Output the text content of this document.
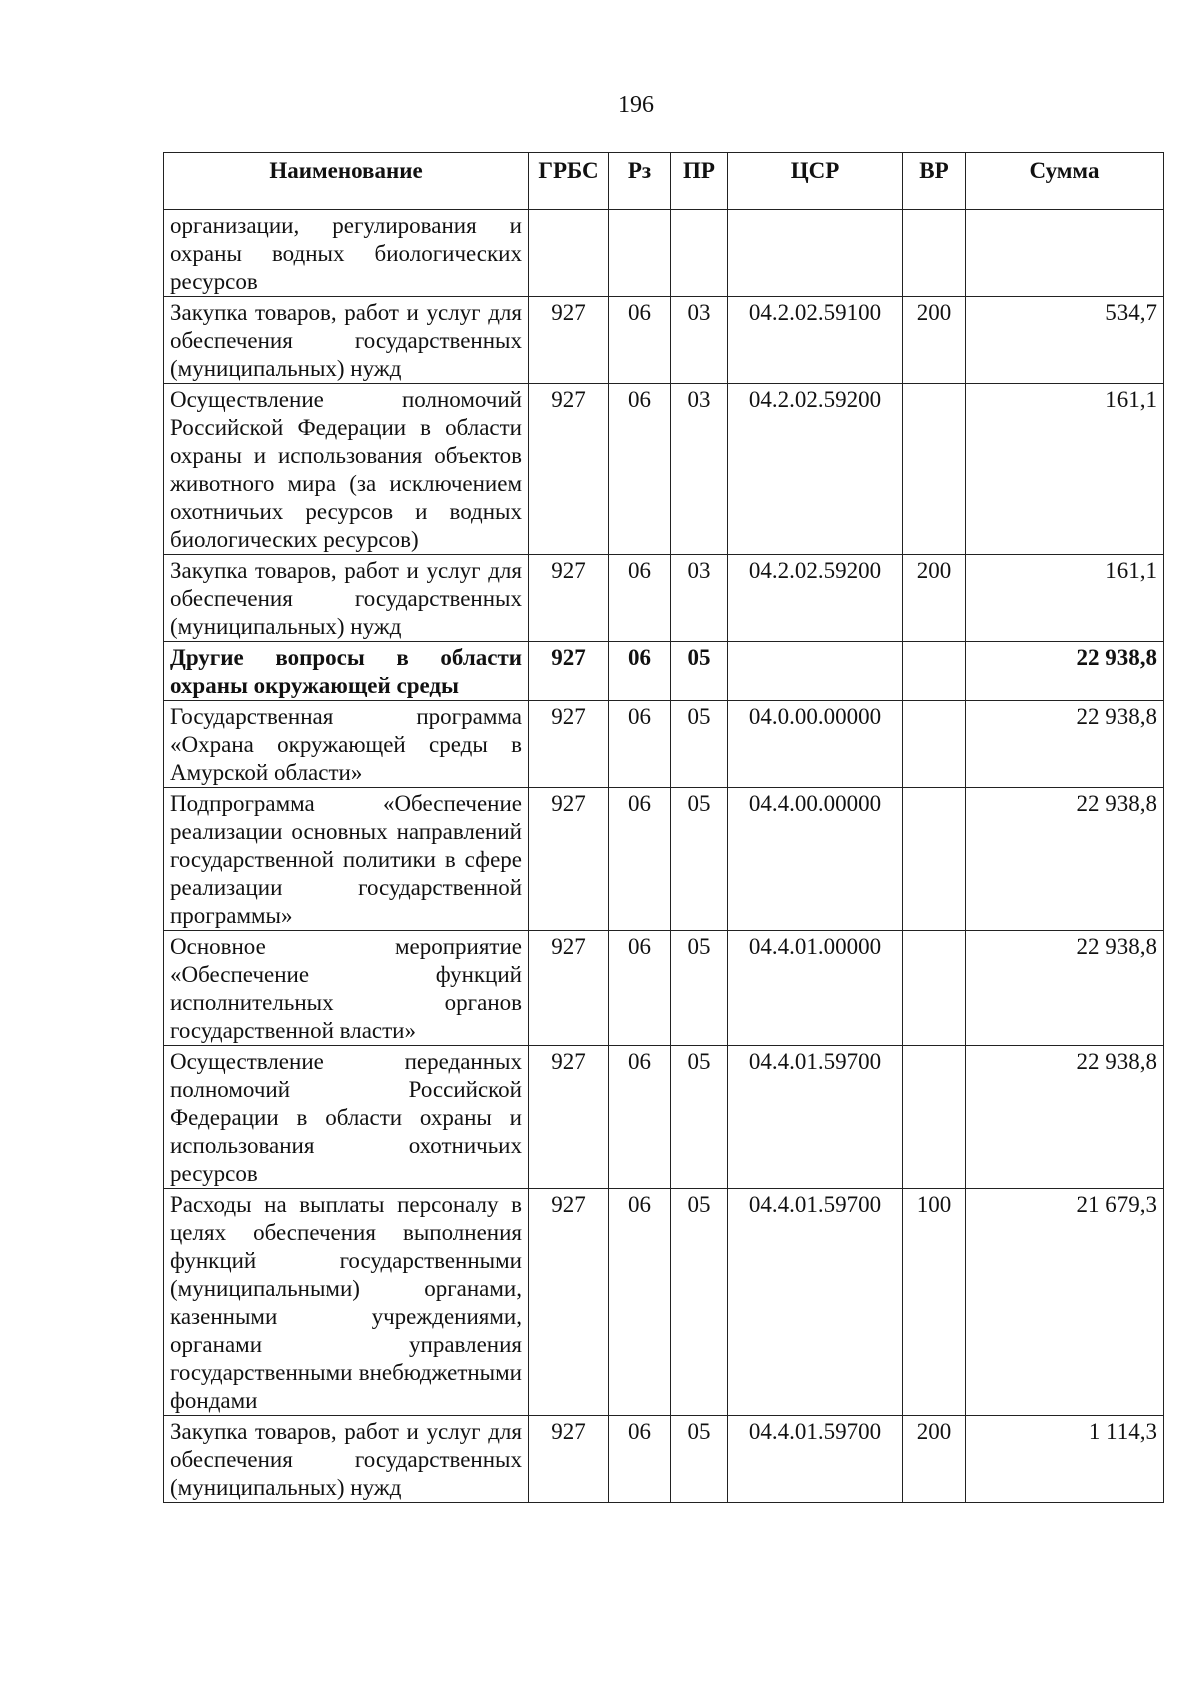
196
Наименование	ГРБС	Рз	ПР	ЦСР	ВР	Сумма
организации, регулирования и охраны водных биологических ресурсов						
Закупка товаров, работ и услуг для обеспечения государственных (муниципальных) нужд	927	06	03	04.2.02.59100	200	534,7
Осуществление полномочий Российской Федерации в области охраны и использования объектов животного мира (за исключением охотничьих ресурсов и водных биологических ресурсов)	927	06	03	04.2.02.59200		161,1
Закупка товаров, работ и услуг для обеспечения государственных (муниципальных) нужд	927	06	03	04.2.02.59200	200	161,1
Другие вопросы в области охраны окружающей среды	927	06	05			22 938,8
Государственная программа «Охрана окружающей среды в Амурской области»	927	06	05	04.0.00.00000		22 938,8
Подпрограмма «Обеспечение реализации основных направлений государственной политики в сфере реализации государственной программы»	927	06	05	04.4.00.00000		22 938,8
Основное мероприятие «Обеспечение функций исполнительных органов государственной власти»	927	06	05	04.4.01.00000		22 938,8
Осуществление переданных полномочий Российской Федерации в области охраны и использования охотничьих ресурсов	927	06	05	04.4.01.59700		22 938,8
Расходы на выплаты персоналу в целях обеспечения выполнения функций государственными (муниципальными) органами, казенными учреждениями, органами управления государственными внебюджетными фондами	927	06	05	04.4.01.59700	100	21 679,3
Закупка товаров, работ и услуг для обеспечения государственных (муниципальных) нужд	927	06	05	04.4.01.59700	200	1 114,3
